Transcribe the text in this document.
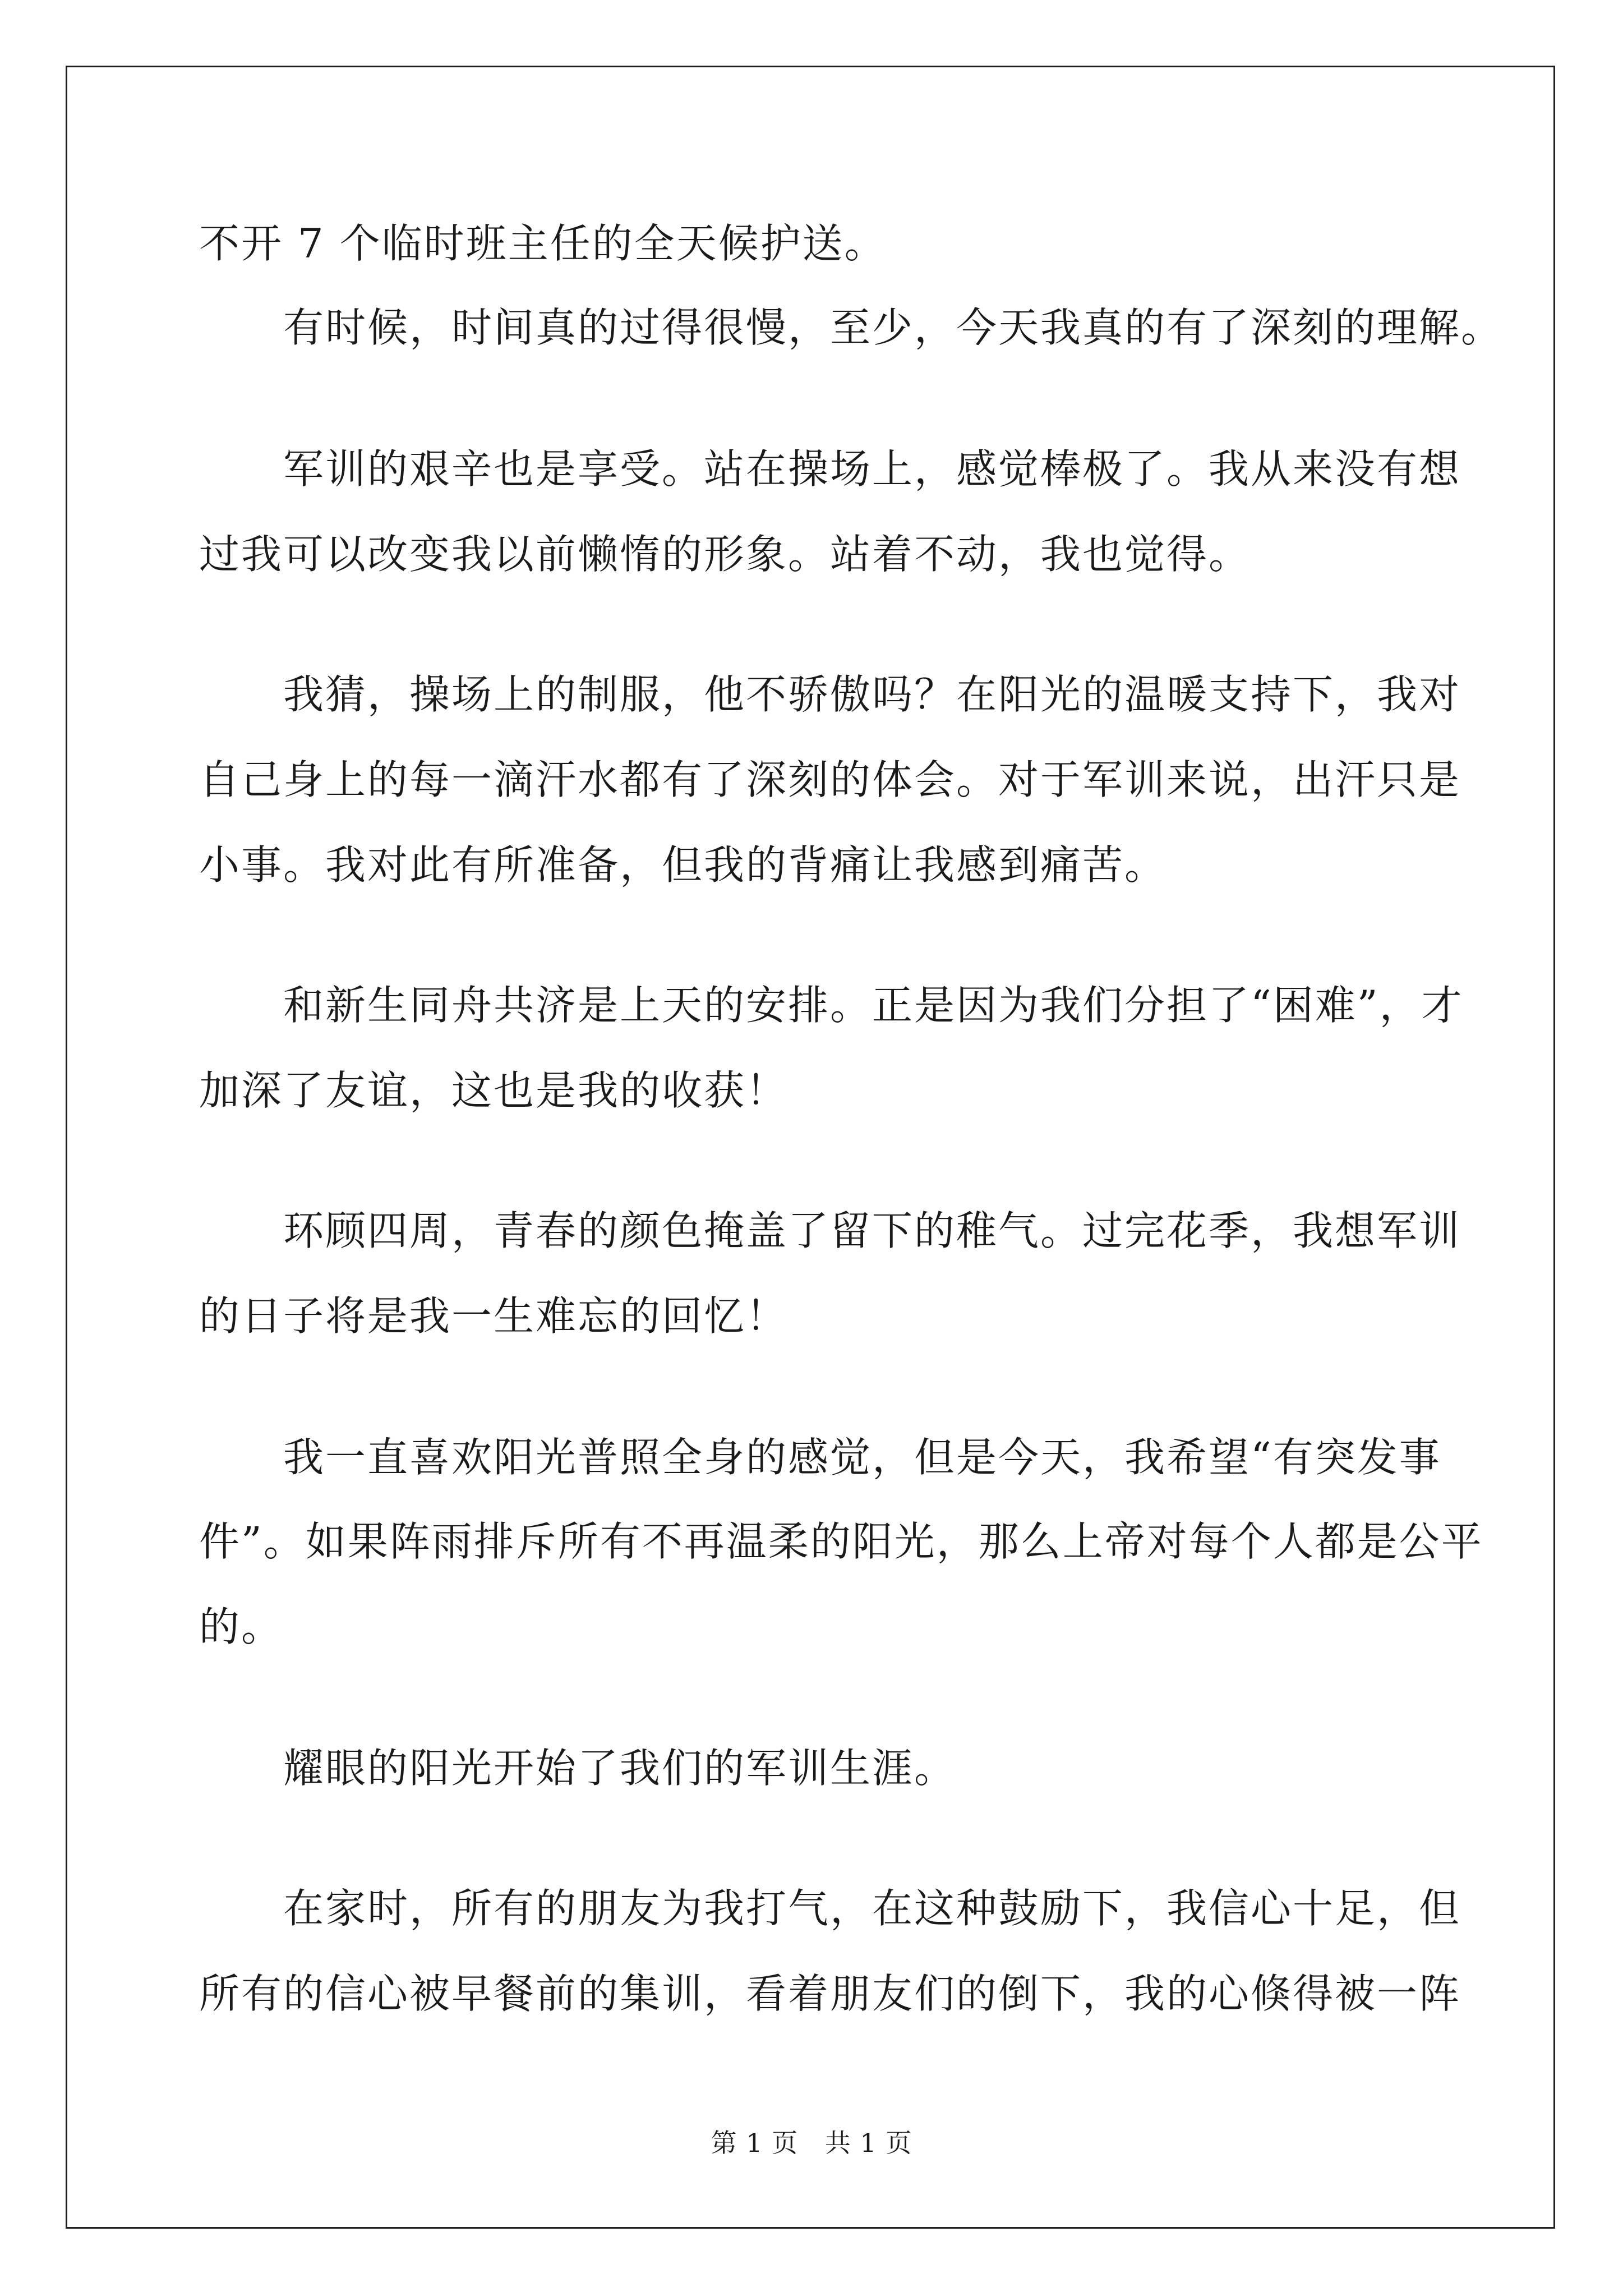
不开 7 个临时班主任的全天候护送。
有时候，时间真的过得很慢，至少，今天我真的有了深刻的理解。
军训的艰辛也是享受。站在操场上，感觉棒极了。我从来没有想
过我可以改变我以前懒惰的形象。站着不动，我也觉得。
我猜，操场上的制服，他不骄傲吗？在阳光的温暖支持下，我对
自己身上的每一滴汗水都有了深刻的体会。对于军训来说，出汗只是
小事。我对此有所准备，但我的背痛让我感到痛苦。
和新生同舟共济是上天的安排。正是因为我们分担了“困难”，才
加深了友谊，这也是我的收获！
环顾四周，青春的颜色掩盖了留下的稚气。过完花季，我想军训
的日子将是我一生难忘的回忆！
我一直喜欢阳光普照全身的感觉，但是今天，我希望“有突发事
件”。如果阵雨排斥所有不再温柔的阳光，那么上帝对每个人都是公平
的。
耀眼的阳光开始了我们的军训生涯。
在家时，所有的朋友为我打气，在这种鼓励下，我信心十足，但
所有的信心被早餐前的集训，看着朋友们的倒下，我的心倏得被一阵
第 1 页 共 1 页
